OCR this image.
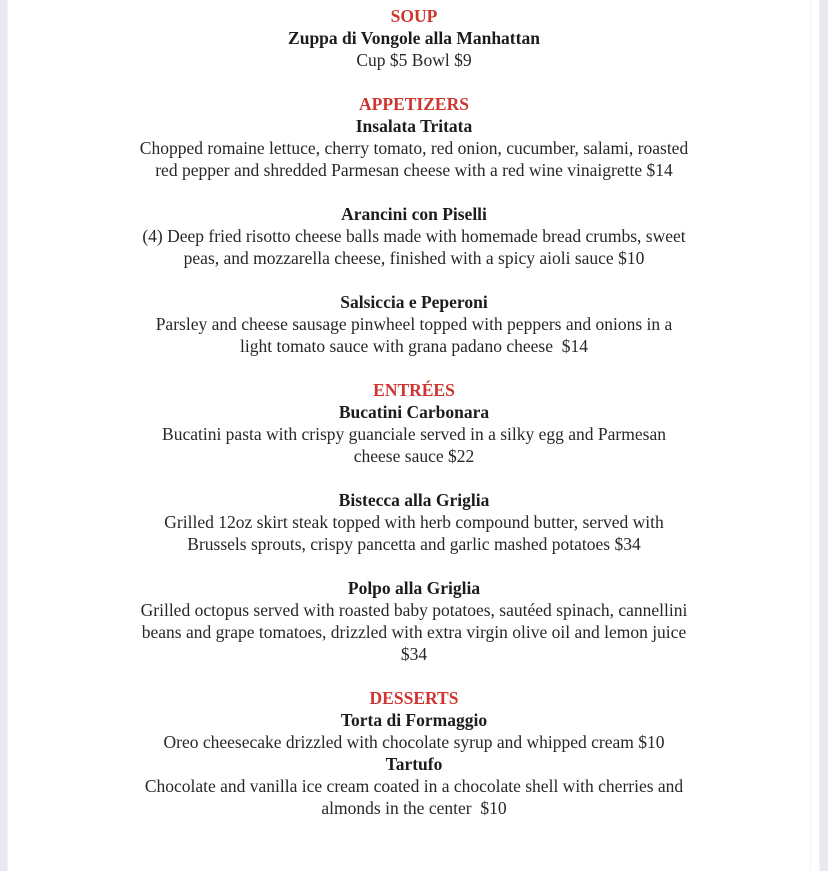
SOUP
Zuppa di Vongole alla Manhattan
Cup $5 Bowl $9
APPETIZERS
Insalata Tritata
Chopped romaine lettuce, cherry tomato, red onion, cucumber, salami, roasted
red pepper and shredded Parmesan cheese with a red wine vinaigrette $14
Arancini con Piselli
(4) Deep fried risotto cheese balls made with homemade bread crumbs, sweet
peas, and mozzarella cheese, finished with a spicy aioli sauce $10
Salsiccia e Peperoni
Parsley and cheese sausage pinwheel topped with peppers and onions in a
light tomato sauce with grana padano cheese  $14
ENTRÉES
Bucatini Carbonara
Bucatini pasta with crispy guanciale served in a silky egg and Parmesan
cheese sauce $22
Bistecca alla Griglia
Grilled 12oz skirt steak topped with herb compound butter, served with
Brussels sprouts, crispy pancetta and garlic mashed potatoes $34
Polpo alla Griglia
Grilled octopus served with roasted baby potatoes, sautéed spinach, cannellini
beans and grape tomatoes, drizzled with extra virgin olive oil and lemon juice
$34
DESSERTS
Torta di Formaggio
Oreo cheesecake drizzled with chocolate syrup and whipped cream $10
Tartufo
Chocolate and vanilla ice cream coated in a chocolate shell with cherries and
almonds in the center  $10
